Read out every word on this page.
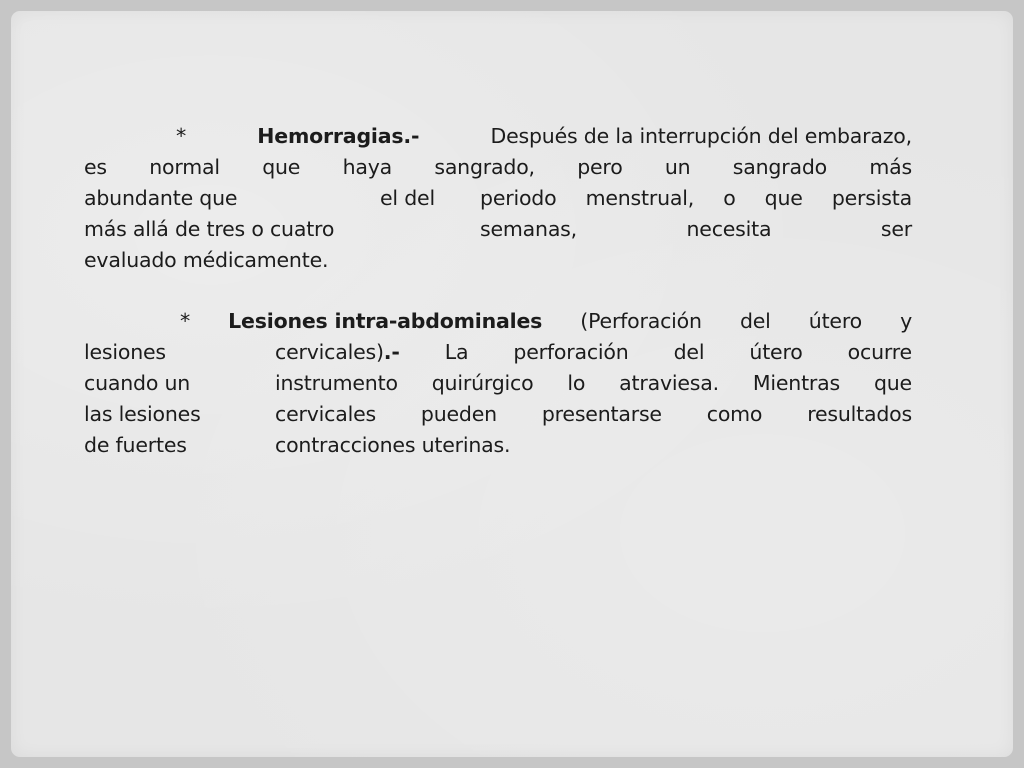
*	Hemorragias.-	Después de la interrupción del embarazo,
es normal que haya sangrado, pero un sangrado más
abundante que	el del periodo menstrual, o que persista
más allá de tres o cuatro	semanas,	necesita	ser
evaluado médicamente.
* Lesiones intra-abdominales (Perforación del útero y
lesiones	cervicales).- La perforación del útero ocurre
cuando un	instrumento quirúrgico lo atraviesa. Mientras que
las lesiones	cervicales pueden presentarse como resultados
de fuertes	contracciones uterinas.
